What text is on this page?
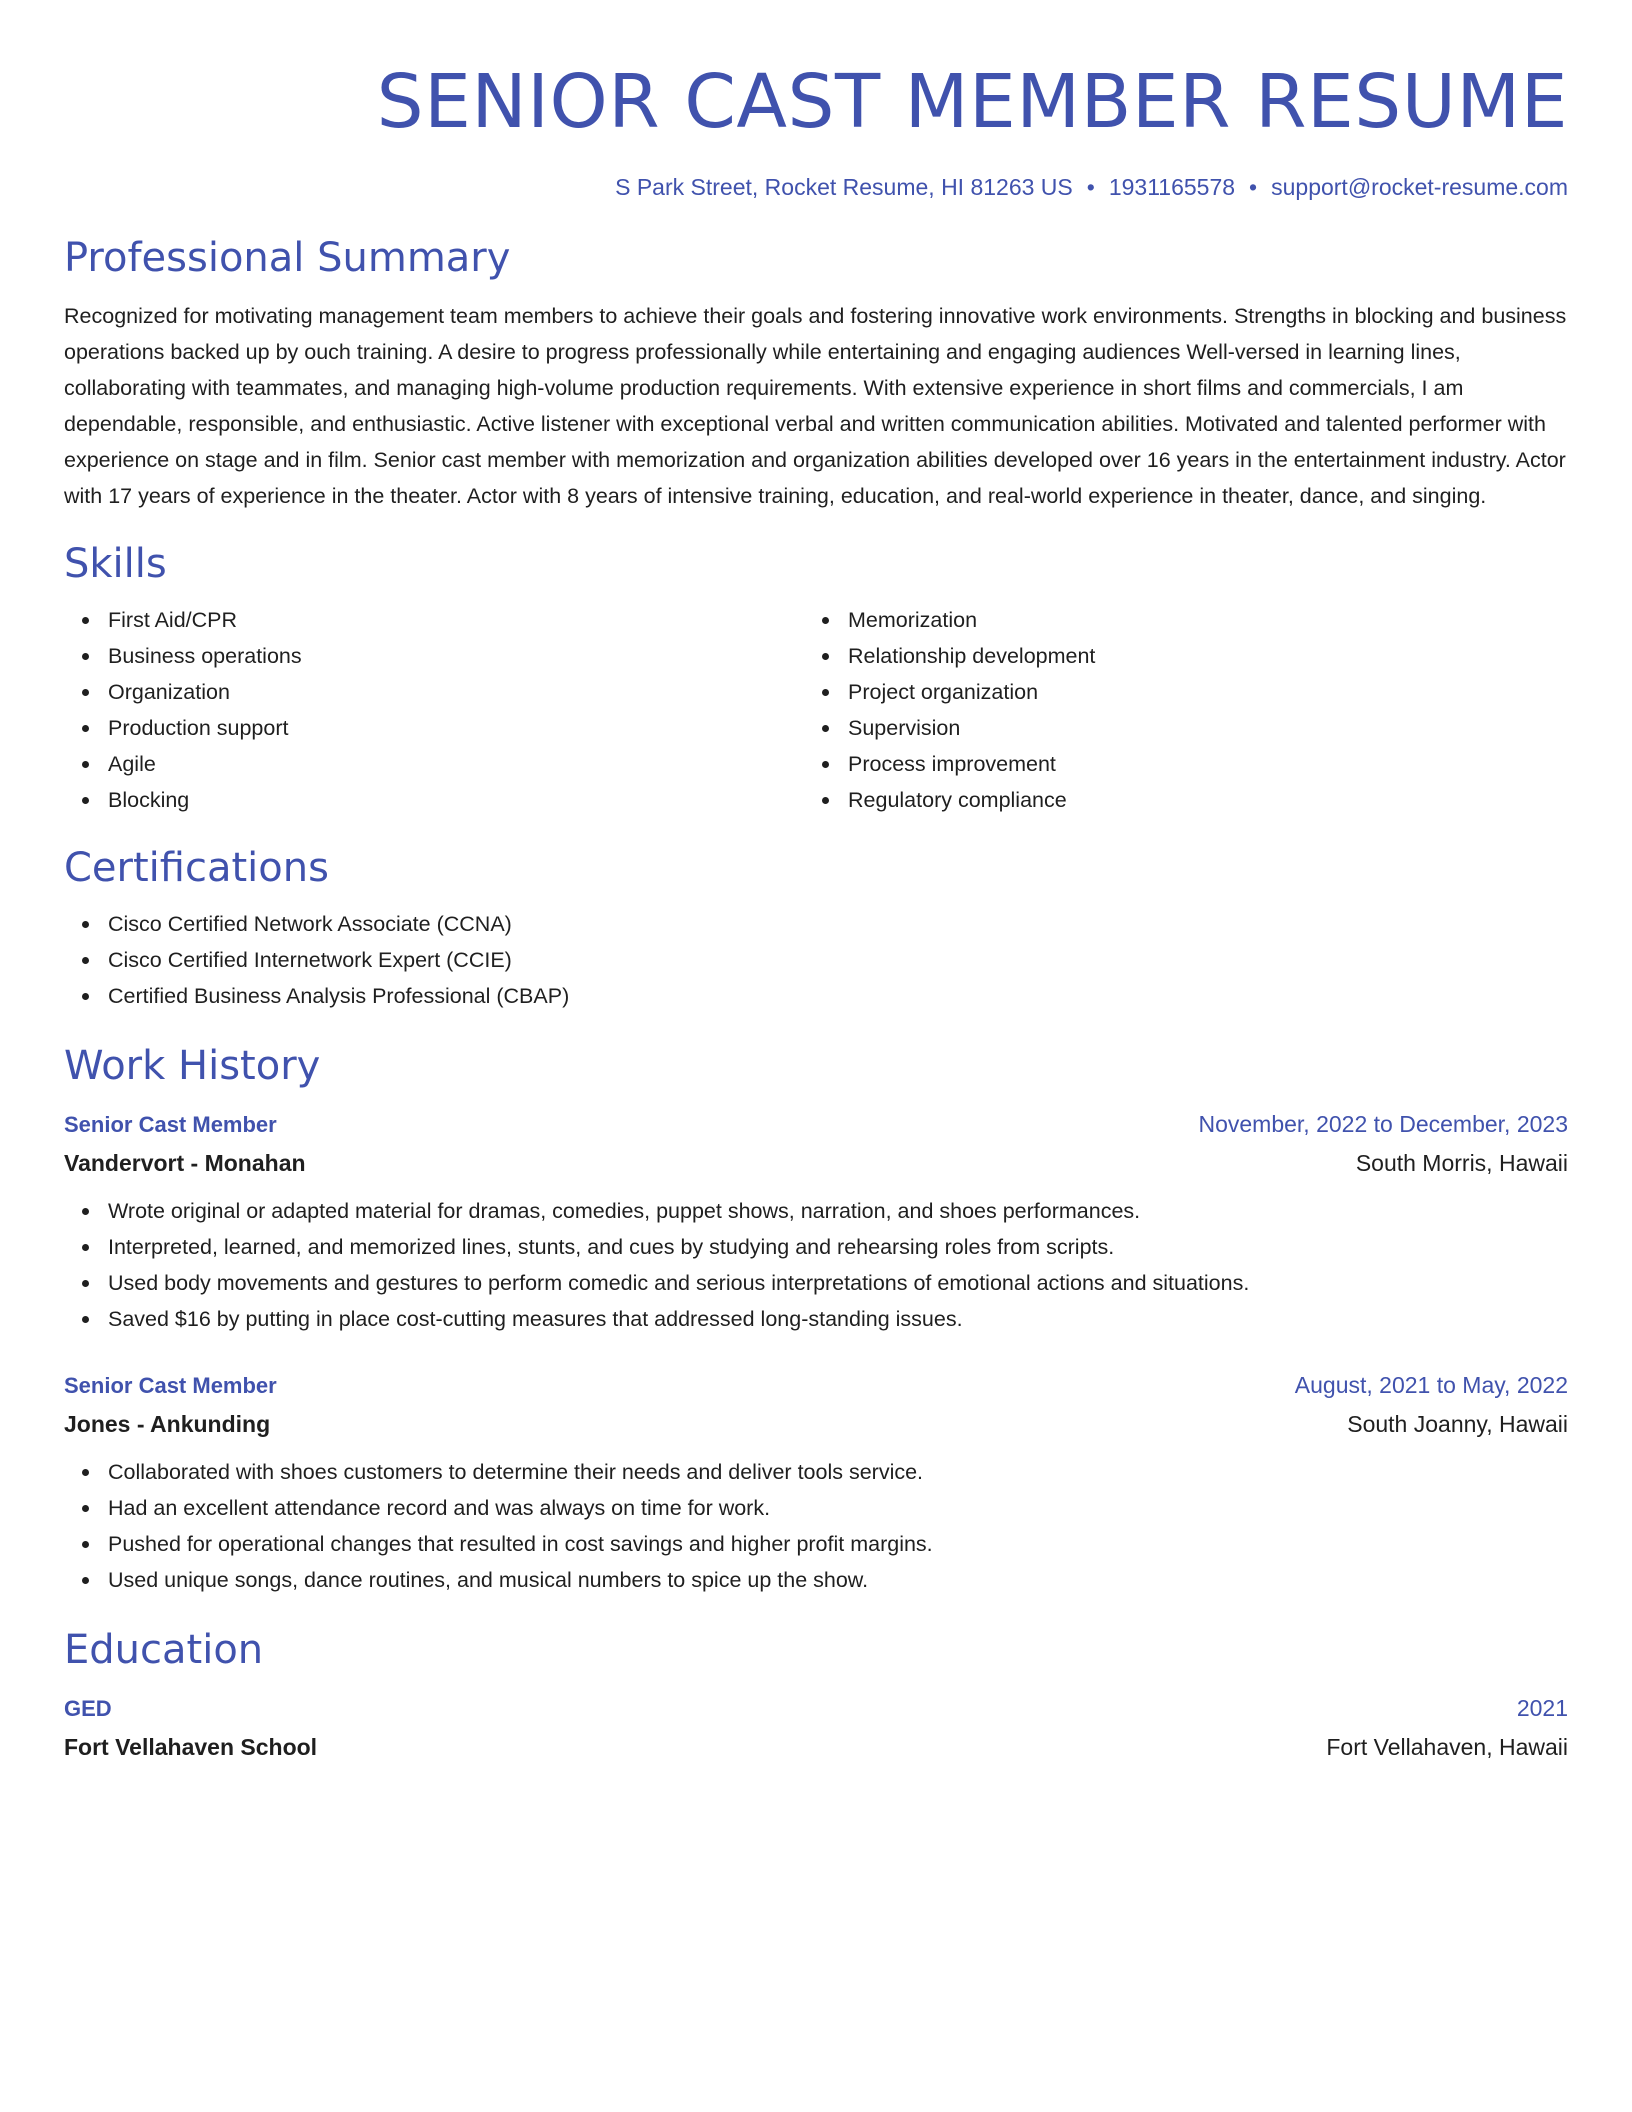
SENIOR CAST MEMBER RESUME
S Park Street, Rocket Resume, HI 81263 US • 1931165578 • support@rocket-resume.com
Professional Summary

Recognized for motivating management team members to achieve their goals and fostering innovative work environments. Strengths in blocking and business operations backed up by ouch training. A desire to progress professionally while entertaining and engaging audiences Well-versed in learning lines, collaborating with teammates, and managing high-volume production requirements. With extensive experience in short films and commercials, I am dependable, responsible, and enthusiastic. Active listener with exceptional verbal and written communication abilities. Motivated and talented performer with experience on stage and in film. Senior cast member with memorization and organization abilities developed over 16 years in the entertainment industry. Actor with 17 years of experience in the theater. Actor with 8 years of intensive training, education, and real-world experience in theater, dance, and singing.

Skills
First Aid/CPR
Business operations
Organization
Production support
Agile
Blocking
Memorization
Relationship development
Project organization
Supervision
Process improvement
Regulatory compliance
Certifications
Cisco Certified Network Associate (CCNA)
Cisco Certified Internetwork Expert (CCIE)
Certified Business Analysis Professional (CBAP)
Work History
Senior Cast Member	November, 2022 to December, 2023
Vandervort - Monahan	South Morris, Hawaii
Wrote original or adapted material for dramas, comedies, puppet shows, narration, and shoes performances.
Interpreted, learned, and memorized lines, stunts, and cues by studying and rehearsing roles from scripts.
Used body movements and gestures to perform comedic and serious interpretations of emotional actions and situations.
Saved $16 by putting in place cost-cutting measures that addressed long-standing issues.
Senior Cast Member	August, 2021 to May, 2022
Jones - Ankunding	South Joanny, Hawaii
Collaborated with shoes customers to determine their needs and deliver tools service.
Had an excellent attendance record and was always on time for work.
Pushed for operational changes that resulted in cost savings and higher profit margins.
Used unique songs, dance routines, and musical numbers to spice up the show.
Education
GED	2021
Fort Vellahaven School	Fort Vellahaven, Hawaii
